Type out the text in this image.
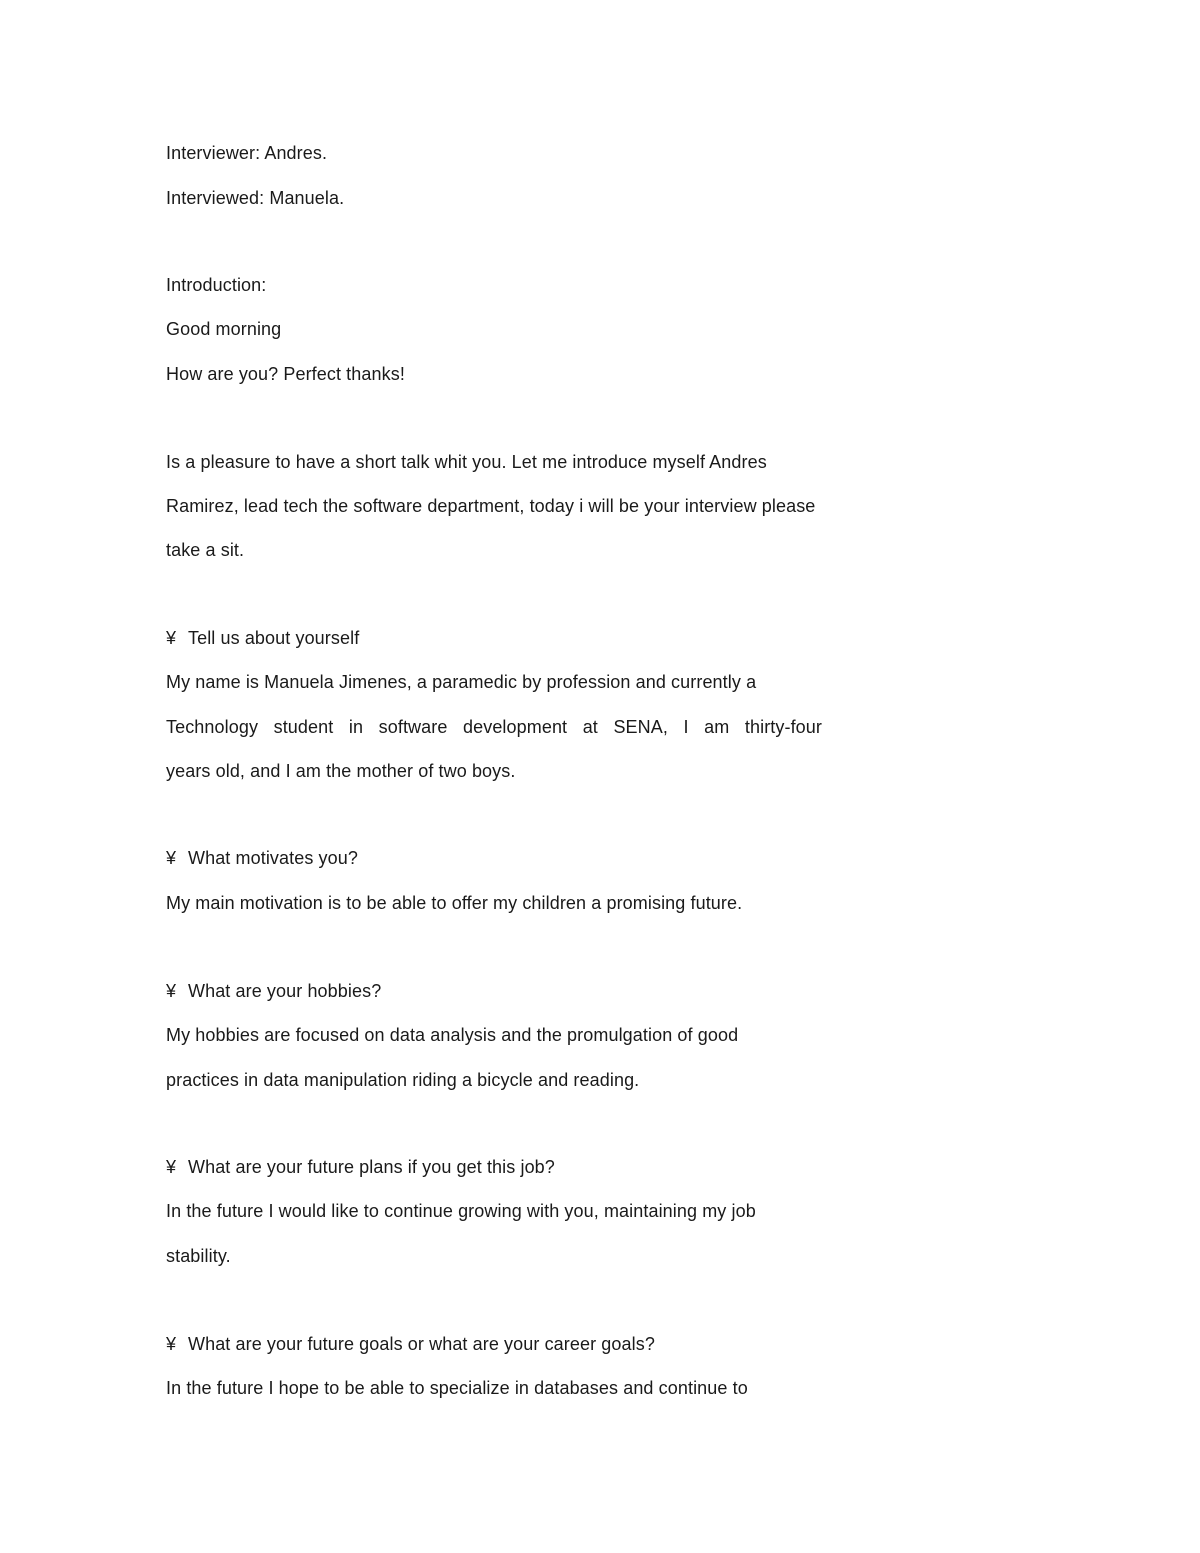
Interviewer: Andres.
Interviewed: Manuela.
Introduction:
Good morning
How are you? Perfect thanks!
Is a pleasure to have a short talk whit you. Let me introduce myself Andres
Ramirez, lead tech the software department, today i will be your interview please
take a sit.
¥ Tell us about yourself
My name is Manuela Jimenes, a paramedic by profession and currently a
Technology student in software development at SENA, I am thirty-four
years old, and I am the mother of two boys.
¥ What motivates you?
My main motivation is to be able to offer my children a promising future.
¥ What are your hobbies?
My hobbies are focused on data analysis and the promulgation of good
practices in data manipulation riding a bicycle and reading.
¥ What are your future plans if you get this job?
In the future I would like to continue growing with you, maintaining my job
stability.
¥ What are your future goals or what are your career goals?
In the future I hope to be able to specialize in databases and continue to
